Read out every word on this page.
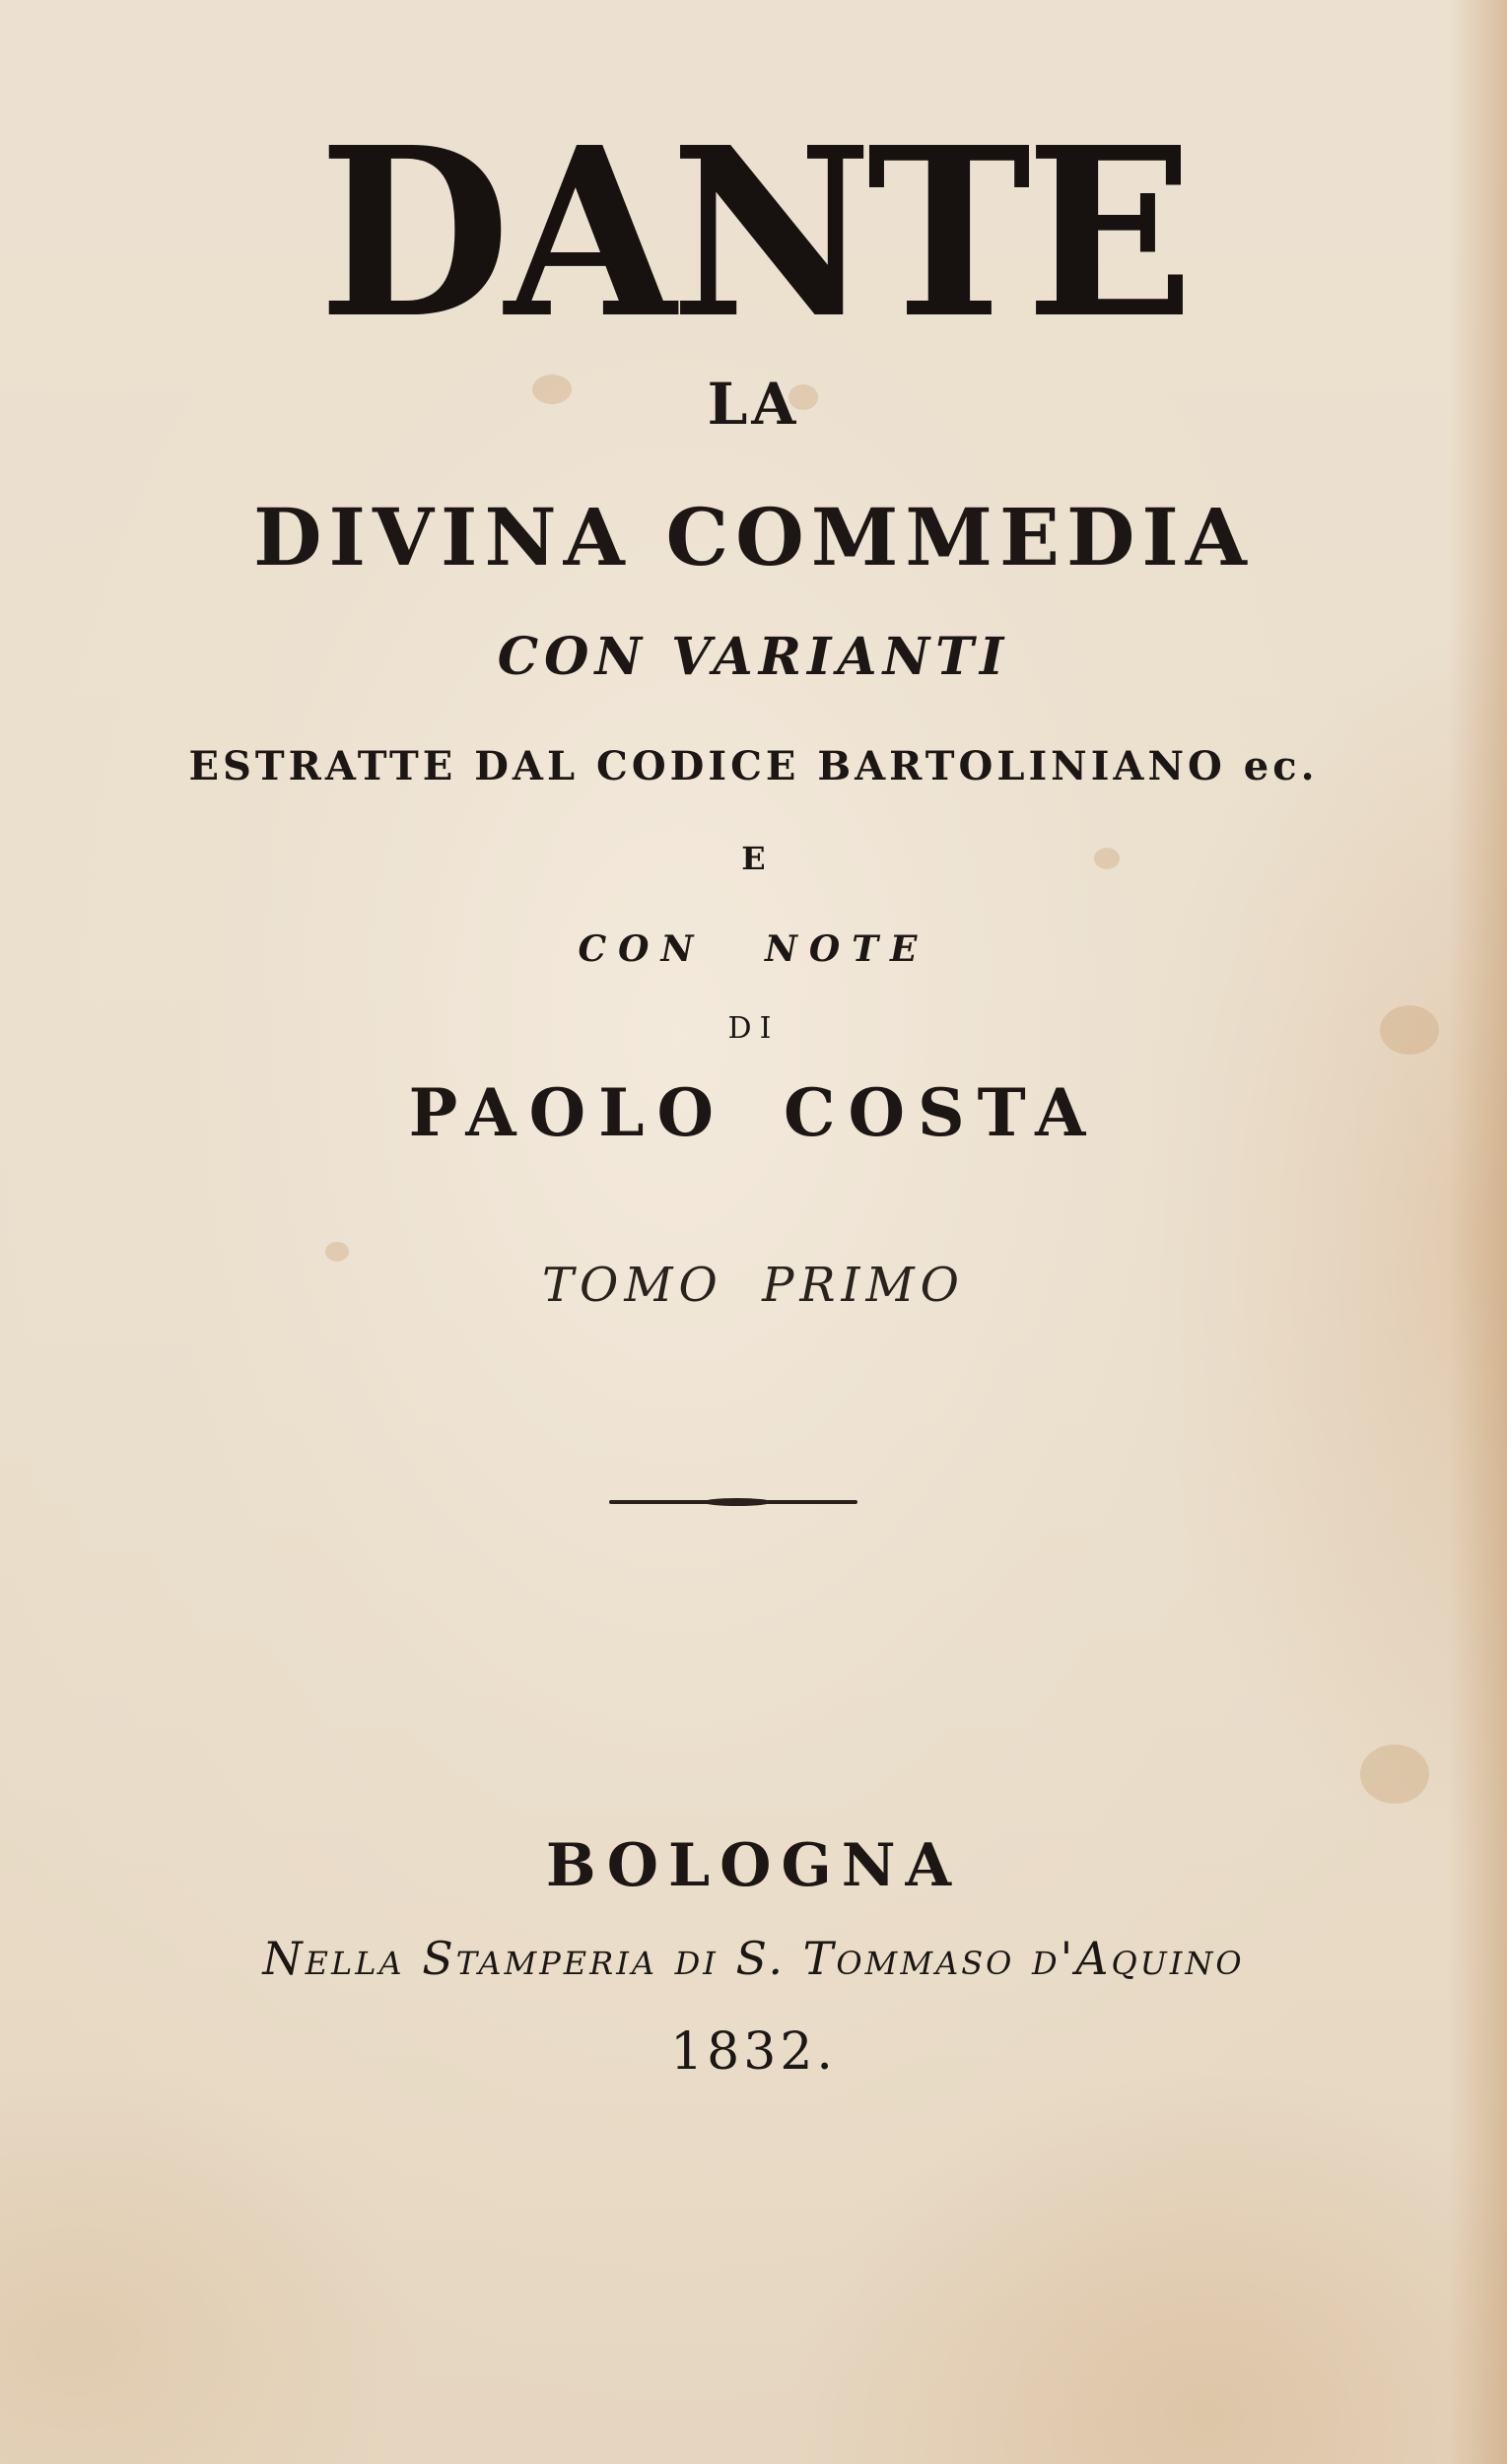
DANTE

LA

DIVINA COMMEDIA

CON VARIANTI

ESTRATTE DAL CODICE BARTOLINIANO ec.

E

CON NOTE

DI

PAOLO COSTA

TOMO PRIMO

BOLOGNA

Nella Stamperia di S. Tommaso d'Aquino

1832.
